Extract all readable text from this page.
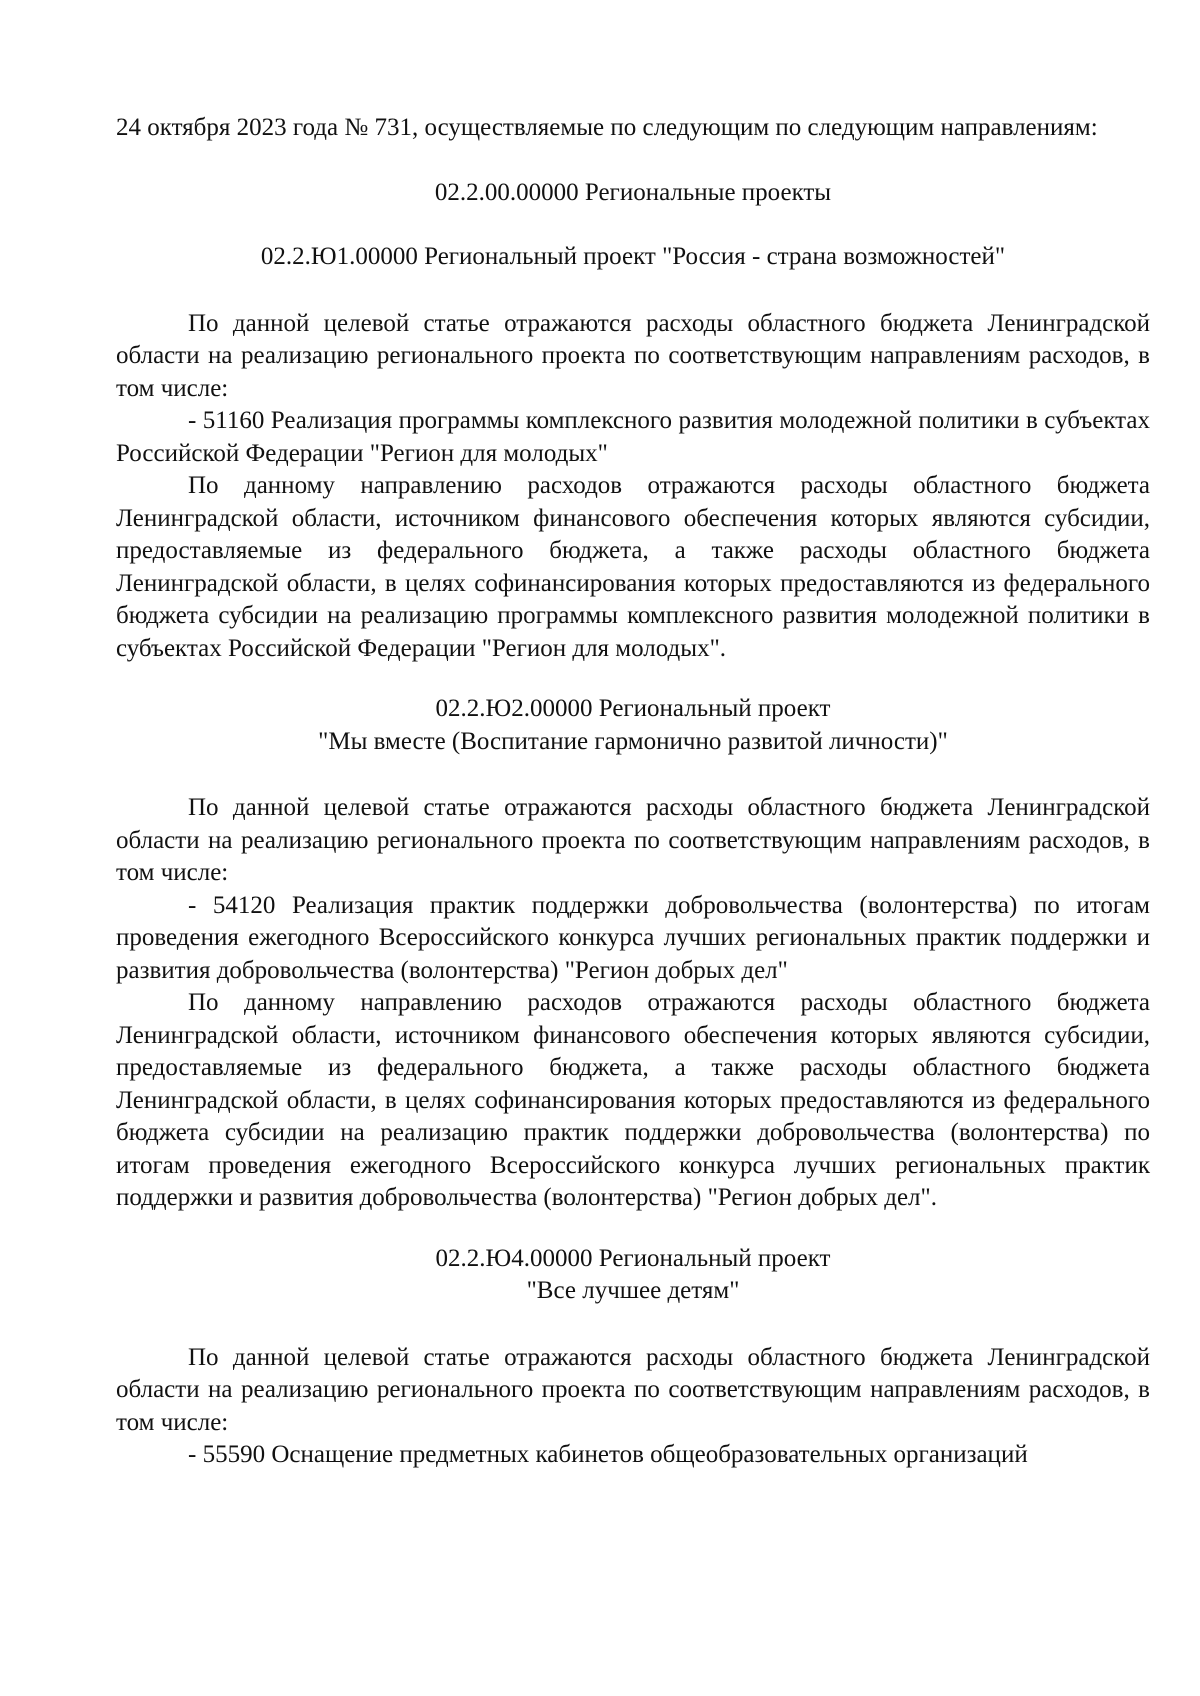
24 октября 2023 года № 731, осуществляемые по следующим по следующим направлениям:

02.2.00.00000 Региональные проекты

02.2.Ю1.00000 Региональный проект "Россия - страна возможностей"

По данной целевой статье отражаются расходы областного бюджета Ленинградской области на реализацию регионального проекта по соответствующим направлениям расходов, в том числе:

- 51160 Реализация программы комплексного развития молодежной политики в субъектах Российской Федерации "Регион для молодых"

По данному направлению расходов отражаются расходы областного бюджета Ленинградской области, источником финансового обеспечения которых являются субсидии, предоставляемые из федерального бюджета, а также расходы областного бюджета Ленинградской области, в целях софинансирования которых предоставляются из федерального бюджета субсидии на реализацию программы комплексного развития молодежной политики в субъектах Российской Федерации "Регион для молодых".

02.2.Ю2.00000 Региональный проект

"Мы вместе (Воспитание гармонично развитой личности)"

По данной целевой статье отражаются расходы областного бюджета Ленинградской области на реализацию регионального проекта по соответствующим направлениям расходов, в том числе:

- 54120 Реализация практик поддержки добровольчества (волонтерства) по итогам проведения ежегодного Всероссийского конкурса лучших региональных практик поддержки и развития добровольчества (волонтерства) "Регион добрых дел"

По данному направлению расходов отражаются расходы областного бюджета Ленинградской области, источником финансового обеспечения которых являются субсидии, предоставляемые из федерального бюджета, а также расходы областного бюджета Ленинградской области, в целях софинансирования которых предоставляются из федерального бюджета субсидии на реализацию практик поддержки добровольчества (волонтерства) по итогам проведения ежегодного Всероссийского конкурса лучших региональных практик поддержки и развития добровольчества (волонтерства) "Регион добрых дел".

02.2.Ю4.00000 Региональный проект

"Все лучшее детям"

По данной целевой статье отражаются расходы областного бюджета Ленинградской области на реализацию регионального проекта по соответствующим направлениям расходов, в том числе:

- 55590 Оснащение предметных кабинетов общеобразовательных организаций
